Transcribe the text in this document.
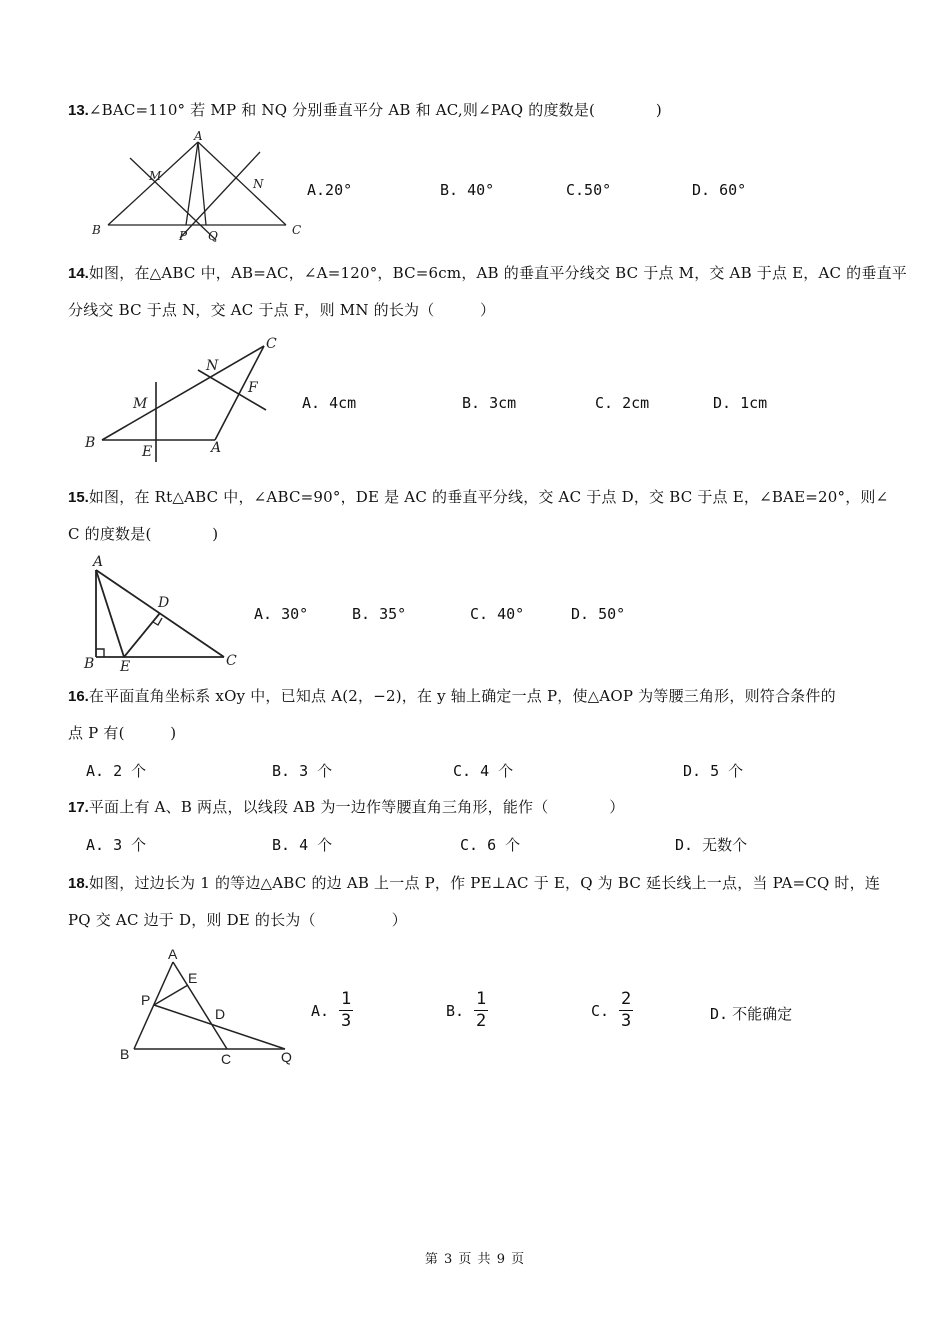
13.∠BAC=110° 若 MP 和 NQ 分别垂直平分 AB 和 AC,则∠PAQ 的度数是(　　　　)
A
M
N
B	P Q	C
A.20°	B. 40°	C.50°	D. 60°
14.如图，在△ABC 中，AB=AC，∠A=120°，BC=6cm，AB 的垂直平分线交 BC 于点 M，交 AB 于点 E，AC 的垂直平
分线交 BC 于点 N，交 AC 于点 F，则 MN 的长为（　　　）
C
N
F
M
B
E	A
A. 4cm	B. 3cm	C. 2cm	D. 1cm
15.如图，在 Rt△ABC 中，∠ABC=90°，DE 是 AC 的垂直平分线，交 AC 于点 D，交 BC 于点 E，∠BAE=20°，则∠
C 的度数是(　　　　)
A
D
B E	C
A. 30°	B. 35°	C. 40°	D. 50°
16.在平面直角坐标系 xOy 中，已知点 A(2，−2)，在 y 轴上确定一点 P，使△AOP 为等腰三角形，则符合条件的
点 P 有(　　　)
A. 2 个	B. 3 个	C. 4 个	D. 5 个
17.平面上有 A、B 两点，以线段 AB 为一边作等腰直角三角形，能作（　　　　）
A. 3 个	B. 4 个	C. 6 个	D. 无数个
18.如图，过边长为 1 的等边△ABC 的边 AB 上一点 P，作 PE⊥AC 于 E，Q 为 BC 延长线上一点，当 PA=CQ 时，连
PQ 交 AC 边于 D，则 DE 的长为（　　　　　）
A
E
P
D
B	C	Q
A. $\frac{1}{3}$	B. $\frac{1}{2}$	C. $\frac{2}{3}$	D. 不能确定
第 3 页 共 9 页
